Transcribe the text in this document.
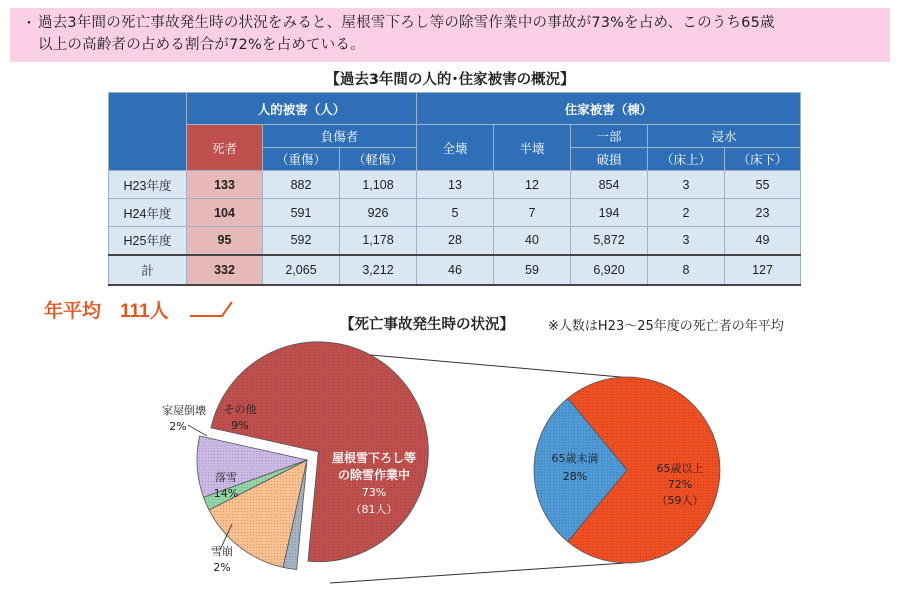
・ 過去3年間の死亡事故発生時の状況をみると、屋根雪下ろし等の除雪作業中の事故が73%を占め、このうち65歳
以上の高齢者の占める割合が72%を占めている。
【過去3年間の人的･住家被害の概況】
	人的被害（人）			住家被害（棟）				
	死者	負傷者		全壊	半壊	一部	浸水	
		（重傷）	（軽傷）			破損	（床上）	（床下）
H23年度	133	882	1,108	13	12	854	3	55
H24年度	104	591	926	5	7	194	2	23
H25年度	95	592	1,178	28	40	5,872	3	49
計	332	2,065	3,212	46	59	6,920	8	127
年平均　111人
【死亡事故発生時の状況】	※人数はH23～25年度の死亡者の年平均
屋根雪下ろし等
の除雪作業中
73%
（81人）
その他
9%
落雪
14%
家屋倒壊
2%
雪崩
2%
65歳以上
72%
（59人）
65歳未満
28%
